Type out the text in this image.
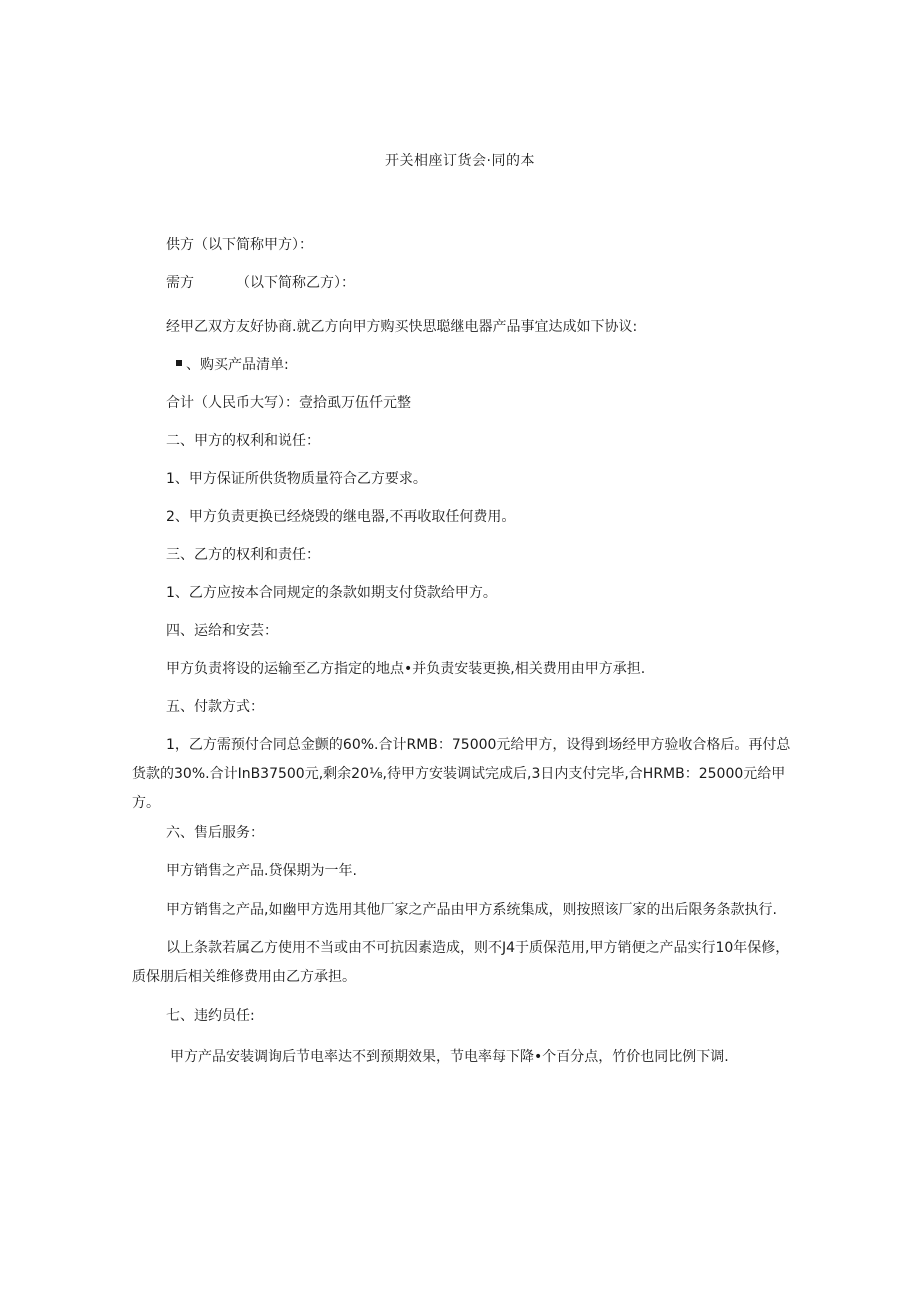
开关相座订货会·同的本
供方（以下简称甲方）：
需方	（以下简称乙方）：
经甲乙双方友好协商.就乙方向甲方购买快思聪继电器产品事宜达成如下协议:
、购买产品清单:
合计（人民币大写）：壹拾虱万伍仟元整
二、甲方的权利和说任：
1、甲方保证所供货物质量符合乙方要求。
2、甲方负责更换已经烧毁的继电器,不再收取任何费用。
三、乙方的权利和责任：
1、乙方应按本合同规定的条款如期支付贷款给甲方。
四、运给和安芸：
甲方负责将设的运输至乙方指定的地点•并负责安装更换,相关费用由甲方承担.
五、付款方式：
1，乙方需预付合同总金颤的60%.合计RMB：75000元给甲方，设得到场经甲方验收合格后。再付总货款的30%.合计InB37500元,剩余20⅛,待甲方安装调试完成后,3日内支付完毕,合HRMB：25000元给甲方。
六、售后服务：
甲方销售之产品.贷保期为一年.
甲方销售之产品,如幽甲方选用其他厂家之产品由甲方系统集成，则按照该厂家的出后限务条款执行.
以上条款若属乙方使用不当或由不可抗因素造成，则不J4于质保范用,甲方销便之产品实行10年保修，质保朋后相关维修费用由乙方承担。
七、违约员任:
甲方产品安装调询后节电率达不到预期效果，节电率每下降•个百分点，竹价也同比例下调.
